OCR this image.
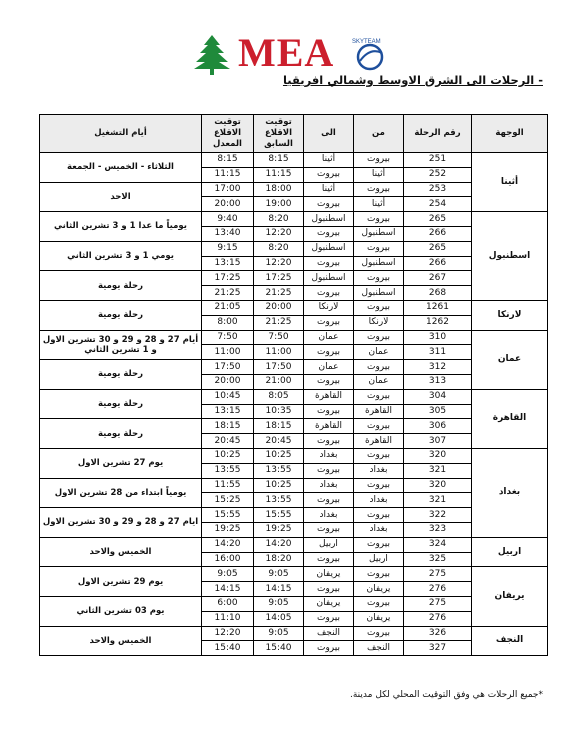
MEA	SKYTEAM
- الرحلات الى الشرق الاوسط وشمالي افريقيا
الوجهة	رقم الرحلة	من	الى	توقيت الاقلاع السابق	توقيت الاقلاع المعدل	أيام التشغيل
أثينا	251	بيروت	أثينا	8:15	8:15	الثلاثاء - الخميس - الجمعة
	252	أثينا	بيروت	11:15	11:15	
	253	بيروت	أثينا	18:00	17:00	الاحد
	254	أثينا	بيروت	19:00	20:00	
اسطنبول	265	بيروت	اسطنبول	8:20	9:40	يومياً ما عدا 1 و 3 تشرين الثاني
	266	اسطنبول	بيروت	12:20	13:40	
	265	بيروت	اسطنبول	8:20	9:15	يومي 1 و 3 تشرين الثاني
	266	اسطنبول	بيروت	12:20	13:15	
	267	بيروت	اسطنبول	17:25	17:25	رحلة يومية
	268	اسطنبول	بيروت	21:25	21:25	
لارنكا	1261	بيروت	لارنكا	20:00	21:05	رحلة يومية
	1262	لارنكا	بيروت	21:25	8:00	
عمان	310	بيروت	عمان	7:50	7:50	أيام 27 و 28 و 29 و 30 تشرين الاول و 1 تشرين الثاني
	311	عمان	بيروت	11:00	11:00	
	312	بيروت	عمان	17:50	17:50	رحلة يومية
	313	عمان	بيروت	21:00	20:00	
القاهرة	304	بيروت	القاهرة	8:05	10:45	رحلة يومية
	305	القاهرة	بيروت	10:35	13:15	
	306	بيروت	القاهرة	18:15	18:15	رحلة يومية
	307	القاهرة	بيروت	20:45	20:45	
بغداد	320	بيروت	بغداد	10:25	10:25	يوم 27 تشرين الاول
	321	بغداد	بيروت	13:55	13:55	
	320	بيروت	بغداد	10:25	11:55	يومياً ابتداء من 28 تشرين الاول
	321	بغداد	بيروت	13:55	15:25	
	322	بيروت	بغداد	15:55	15:55	ايام 27 و 28 و 29 و 30 تشرين الاول
	323	بغداد	بيروت	19:25	19:25	
اربيل	324	بيروت	اربيل	14:20	14:20	الخميس والاحد
	325	اربيل	بيروت	18:20	16:00	
يريفان	275	بيروت	يريفان	9:05	9:05	يوم 29 تشرين الاول
	276	يريفان	بيروت	14:15	14:15	
	275	بيروت	يريفان	9:05	6:00	يوم 03 تشرين الثاني
	276	يريفان	بيروت	14:05	11:10	
النجف	326	بيروت	النجف	9:05	12:20	الخميس والاحد
	327	النجف	بيروت	15:40	15:40	
*جميع الرحلات هي وفق التوقيت المحلي لكل مدينة.
